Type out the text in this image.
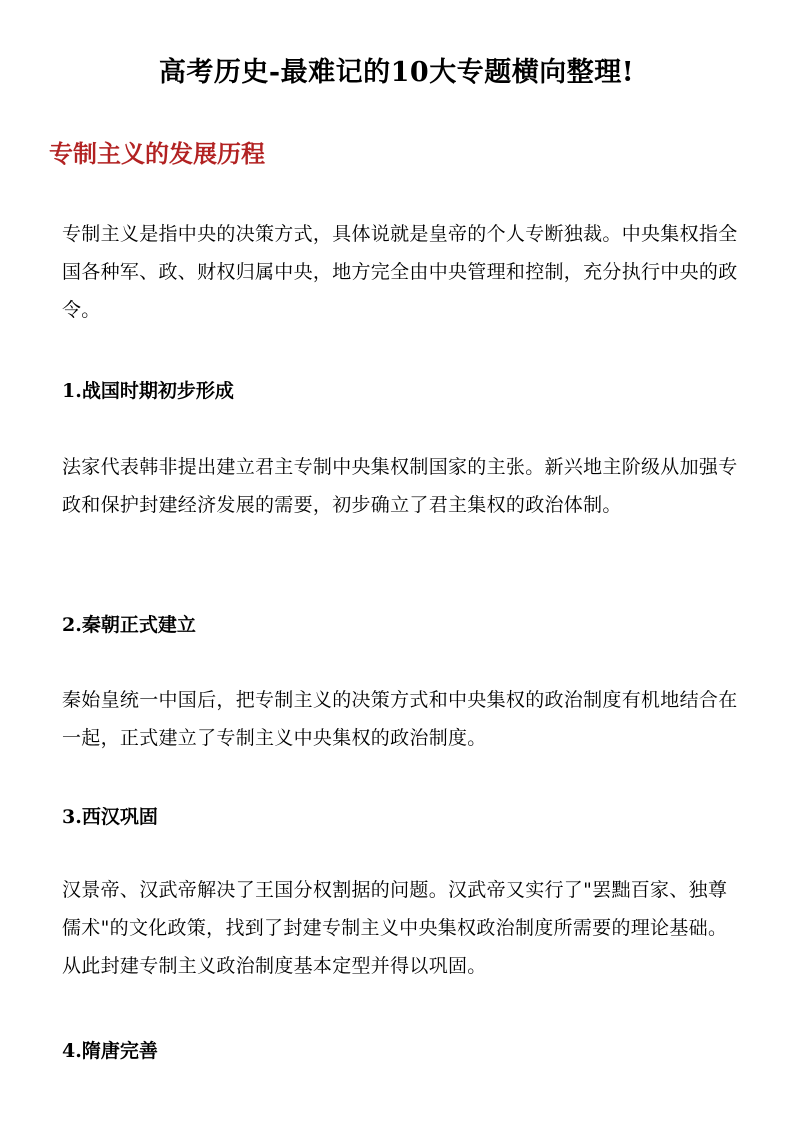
高考历史-最难记的10大专题横向整理!
专制主义的发展历程

专制主义是指中央的决策方式，具体说就是皇帝的个人专断独裁。中央集权指全国各种军、政、财权归属中央，地方完全由中央管理和控制，充分执行中央的政令。

1.战国时期初步形成

法家代表韩非提出建立君主专制中央集权制国家的主张。新兴地主阶级从加强专政和保护封建经济发展的需要，初步确立了君主集权的政治体制。

2.秦朝正式建立

秦始皇统一中国后，把专制主义的决策方式和中央集权的政治制度有机地结合在一起，正式建立了专制主义中央集权的政治制度。

3.西汉巩固

汉景帝、汉武帝解决了王国分权割据的问题。汉武帝又实行了"罢黜百家、独尊儒术"的文化政策，找到了封建专制主义中央集权政治制度所需要的理论基础。从此封建专制主义政治制度基本定型并得以巩固。

4.隋唐完善
